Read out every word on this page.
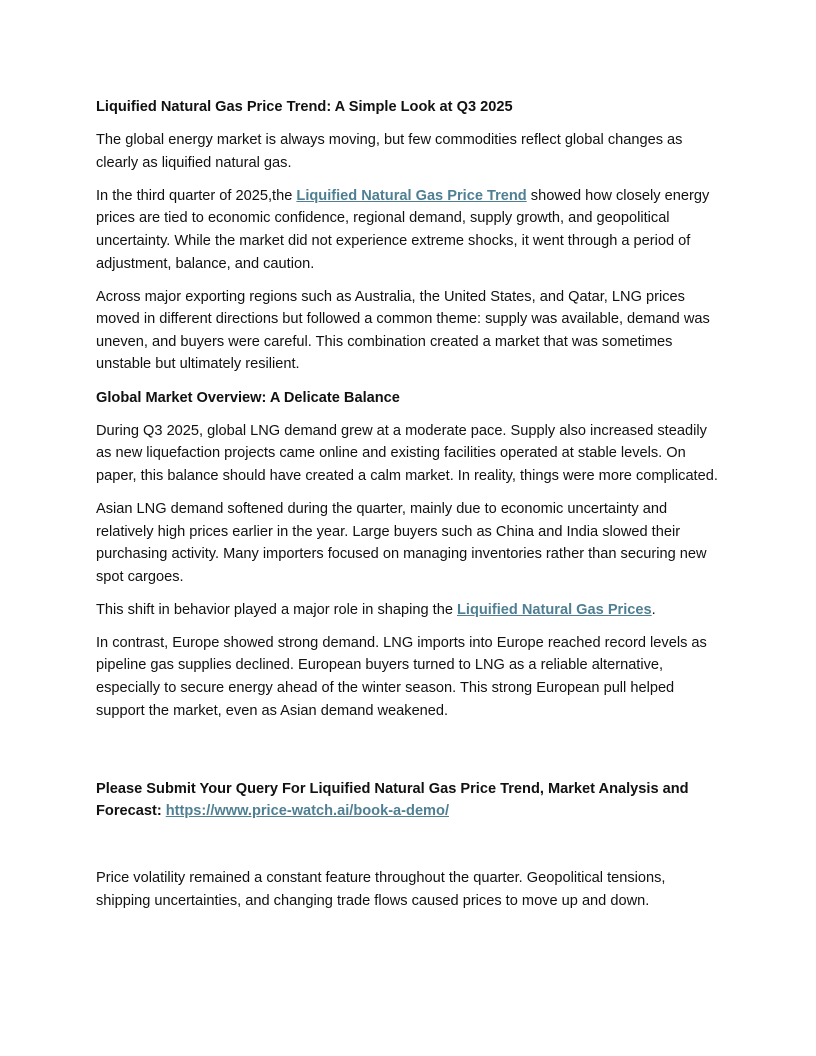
Liquified Natural Gas Price Trend: A Simple Look at Q3 2025

The global energy market is always moving, but few commodities reflect global changes as clearly as liquified natural gas.

In the third quarter of 2025,the Liquified Natural Gas Price Trend showed how closely energy prices are tied to economic confidence, regional demand, supply growth, and geopolitical uncertainty. While the market did not experience extreme shocks, it went through a period of adjustment, balance, and caution.

Across major exporting regions such as Australia, the United States, and Qatar, LNG prices moved in different directions but followed a common theme: supply was available, demand was uneven, and buyers were careful. This combination created a market that was sometimes unstable but ultimately resilient.

Global Market Overview: A Delicate Balance

During Q3 2025, global LNG demand grew at a moderate pace. Supply also increased steadily as new liquefaction projects came online and existing facilities operated at stable levels. On paper, this balance should have created a calm market. In reality, things were more complicated.

Asian LNG demand softened during the quarter, mainly due to economic uncertainty and relatively high prices earlier in the year. Large buyers such as China and India slowed their purchasing activity. Many importers focused on managing inventories rather than securing new spot cargoes.

This shift in behavior played a major role in shaping the Liquified Natural Gas Prices.

In contrast, Europe showed strong demand. LNG imports into Europe reached record levels as pipeline gas supplies declined. European buyers turned to LNG as a reliable alternative, especially to secure energy ahead of the winter season. This strong European pull helped support the market, even as Asian demand weakened.

Please Submit Your Query For Liquified Natural Gas Price Trend, Market Analysis and Forecast: https://www.price-watch.ai/book-a-demo/

Price volatility remained a constant feature throughout the quarter. Geopolitical tensions, shipping uncertainties, and changing trade flows caused prices to move up and down.
